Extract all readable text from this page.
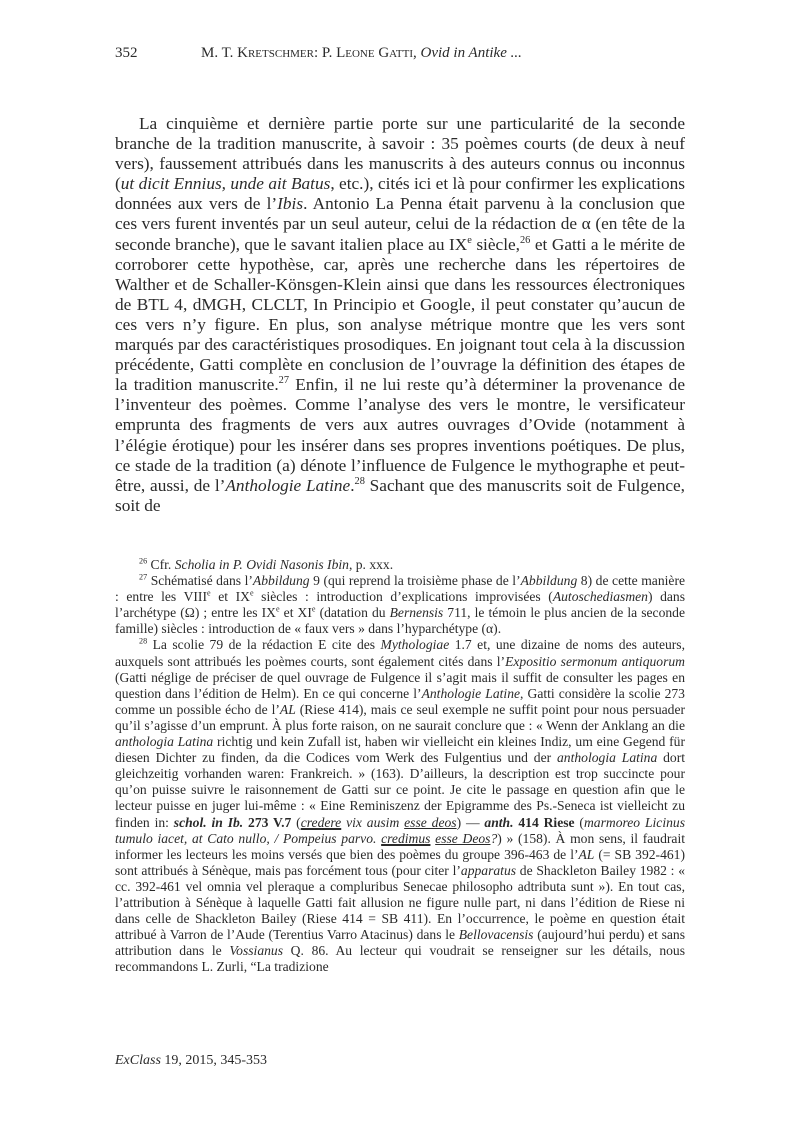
352	M. T. Kretschmer: P. Leone Gatti, Ovid in Antike ...

La cinquième et dernière partie porte sur une particularité de la seconde branche de la tradition manuscrite, à savoir : 35 poèmes courts (de deux à neuf vers), faussement attribués dans les manuscrits à des auteurs connus ou inconnus (ut dicit Ennius, unde ait Batus, etc.), cités ici et là pour confirmer les explications données aux vers de l’Ibis. Antonio La Penna était parvenu à la conclusion que ces vers furent inventés par un seul auteur, celui de la rédaction de α (en tête de la seconde branche), que le savant italien place au IXe siècle,$^{26}$ et Gatti a le mérite de corroborer cette hypothèse, car, après une recherche dans les répertoires de Walther et de Schaller-Könsgen-Klein ainsi que dans les ressources électroniques de BTL 4, dMGH, CLCLT, In Principio et Google, il peut constater qu’aucun de ces vers n’y figure. En plus, son analyse métrique montre que les vers sont marqués par des caractéristiques prosodiques. En joignant tout cela à la discussion précédente, Gatti complète en conclusion de l’ouvrage la définition des étapes de la tradition manuscrite.$^{27}$ Enfin, il ne lui reste qu’à déterminer la provenance de l’inventeur des poèmes. Comme l’analyse des vers le montre, le versificateur emprunta des fragments de vers aux autres ouvrages d’Ovide (notamment à l’élégie érotique) pour les insérer dans ses propres inventions poétiques. De plus, ce stade de la tradition (a) dénote l’influence de Fulgence le mythographe et peut-être, aussi, de l’Anthologie Latine.$^{28}$ Sachant que des manuscrits soit de Fulgence, soit de

$^{26}$ Cfr. Scholia in P. Ovidi Nasonis Ibin, p. xxx.

$^{27}$ Schématisé dans l’Abbildung 9 (qui reprend la troisième phase de l’Abbildung 8) de cette manière : entre les VIIIe et IXe siècles : introduction d’explications improvisées (Autoschediasmen) dans l’archétype (Ω) ; entre les IXe et XIe (datation du Bernensis 711, le témoin le plus ancien de la seconde famille) siècles : introduction de « faux vers » dans l’hyparchétype (α).

$^{28}$ La scolie 79 de la rédaction E cite des Mythologiae 1.7 et, une dizaine de noms des auteurs, auxquels sont attribués les poèmes courts, sont également cités dans l’Expositio sermonum antiquorum (Gatti néglige de préciser de quel ouvrage de Fulgence il s’agit mais il suffit de consulter les pages en question dans l’édition de Helm). En ce qui concerne l’Anthologie Latine, Gatti considère la scolie 273 comme un possible écho de l’AL (Riese 414), mais ce seul exemple ne suffit point pour nous persuader qu’il s’agisse d’un emprunt. À plus forte raison, on ne saurait conclure que : « Wenn der Anklang an die anthologia Latina richtig und kein Zufall ist, haben wir vielleicht ein kleines Indiz, um eine Gegend für diesen Dichter zu finden, da die Codices vom Werk des Fulgentius und der anthologia Latina dort gleichzeitig vorhanden waren: Frankreich. » (163). D’ailleurs, la description est trop succincte pour qu’on puisse suivre le raisonnement de Gatti sur ce point. Je cite le passage en question afin que le lecteur puisse en juger lui-même : « Eine Reminiszenz der Epigramme des Ps.-Seneca ist vielleicht zu finden in: schol. in Ib. 273 V.7 (credere vix ausim esse deos) — anth. 414 Riese (marmoreo Licinus tumulo iacet, at Cato nullo, / Pompeius parvo. credimus esse Deos?) » (158). À mon sens, il faudrait informer les lecteurs les moins versés que bien des poèmes du groupe 396-463 de l’AL (= SB 392-461) sont attribués à Sénèque, mais pas forcément tous (pour citer l’apparatus de Shackleton Bailey 1982 : « cc. 392-461 vel omnia vel pleraque a compluribus Senecae philosopho adtributa sunt »). En tout cas, l’attribution à Sénèque à laquelle Gatti fait allusion ne figure nulle part, ni dans l’édition de Riese ni dans celle de Shackleton Bailey (Riese 414 = SB 411). En l’occurrence, le poème en question était attribué à Varron de l’Aude (Terentius Varro Atacinus) dans le Bellovacensis (aujourd’hui perdu) et sans attribution dans le Vossianus Q. 86. Au lecteur qui voudrait se renseigner sur les détails, nous recommandons L. Zurli, “La tradizione

ExClass 19, 2015, 345-353
